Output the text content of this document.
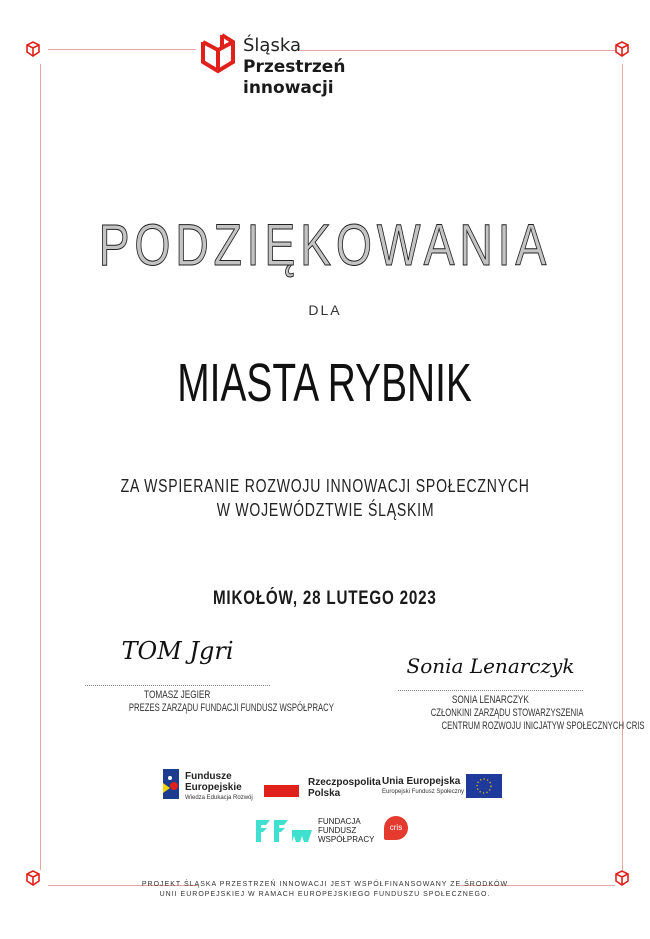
Śląska
Przestrzeń
innowacji
PODZIĘKOWANIA
DLA
MIASTA RYBNIK
ZA WSPIERANIE ROZWOJU INNOWACJI SPOŁECZNYCH
W WOJEWÓDZTWIE ŚLĄSKIM
MIKOŁÓW, 28 LUTEGO 2023
TOM Jgri
TOMASZ JEGIER
PREZES ZARZĄDU FUNDACJI FUNDUSZ WSPÓŁPRACY
Sonia Lenarczyk
SONIA LENARCZYK
CZŁONKINI ZARZĄDU STOWARZYSZENIA
CENTRUM ROZWOJU INICJATYW SPOŁECZNYCH CRIS
Fundusze
Europejskie
Wiedza Edukacja Rozwój
Rzeczpospolita
Polska
Unia Europejska
Europejski Fundusz Społeczny
FUNDACJA
FUNDUSZ
WSPÓŁPRACY
cris
PROJEKT ŚLĄSKA PRZESTRZEŃ INNOWACJI JEST WSPÓŁFINANSOWANY ZE ŚRODKÓW
UNII EUROPEJSKIEJ W RAMACH EUROPEJSKIEGO FUNDUSZU SPOŁECZNEGO.
